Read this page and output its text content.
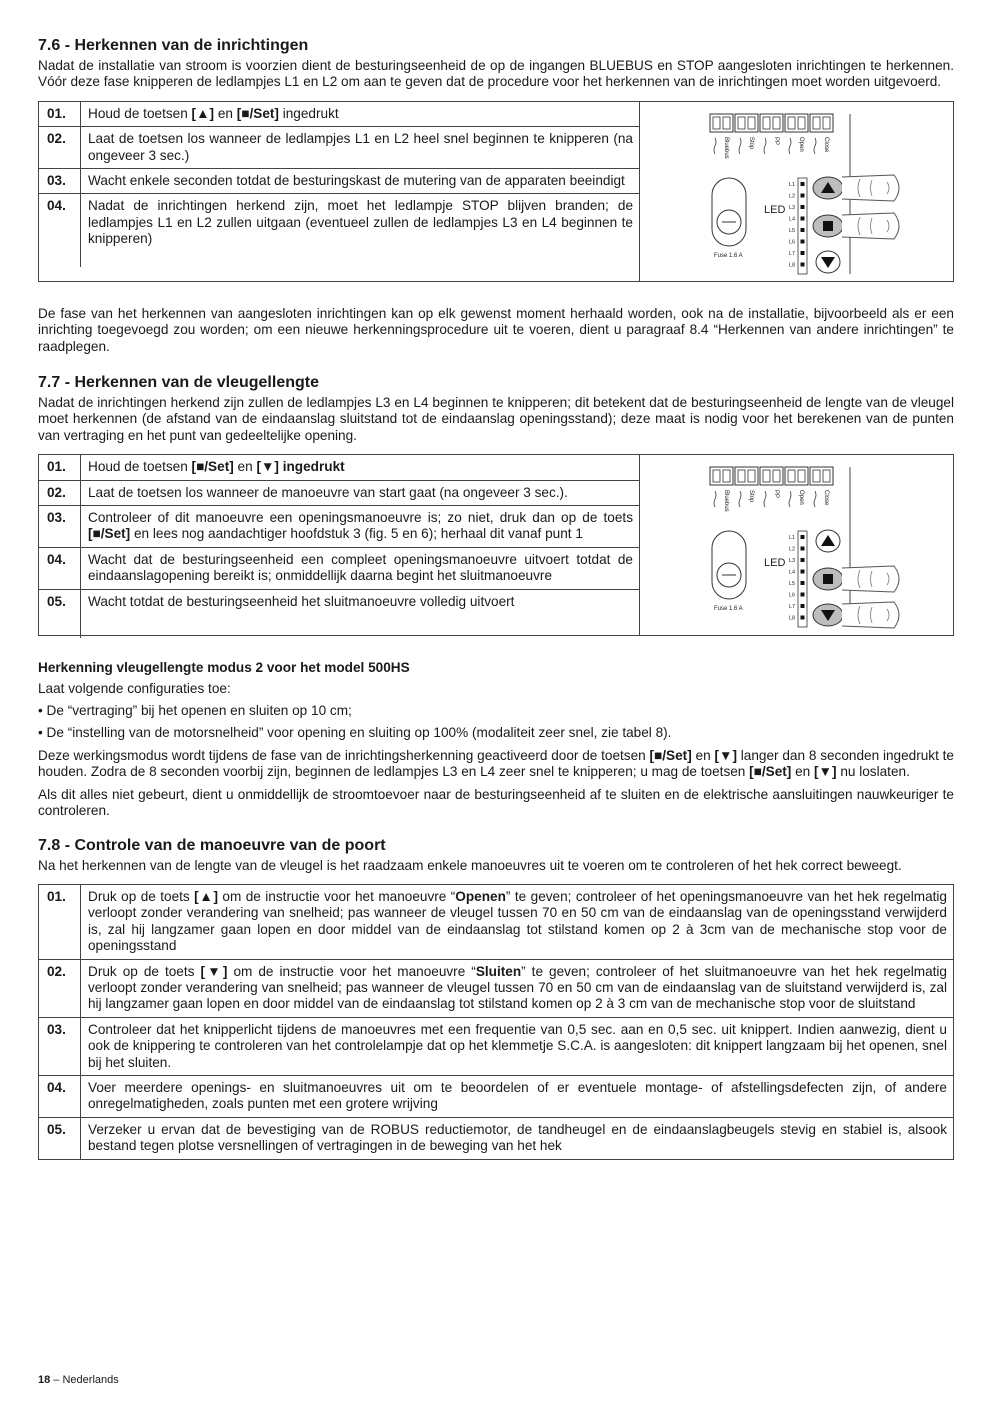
7.6 - Herkennen van de inrichtingen

Nadat de installatie van stroom is voorzien dient de besturingseenheid de op de ingangen BLUEBUS en STOP aangesloten inrichtingen te herkennen. Vóór deze fase knipperen de ledlampjes L1 en L2 om aan te geven dat de procedure voor het herkennen van de inrichtingen moet worden uitgevoerd.

01.	Houd de toetsen [▲] en [■/Set] ingedrukt
02.	Laat de toetsen los wanneer de ledlampjes L1 en L2 heel snel beginnen te knipperen (na ongeveer 3 sec.)
03.	Wacht enkele seconden totdat de besturingskast de mutering van de apparaten beeindigt
04.	Nadat de inrichtingen herkend zijn, moet het ledlampje STOP blijven branden; de ledlampjes L1 en L2 zullen uitgaan (eventueel zullen de ledlampjes L3 en L4 beginnen te knipperen)
Bluebus	Stop	PP	Open	Close
Fuse 1.6 A
LED
L1
L2
L3
L4
L5
L6
L7
L8

De fase van het herkennen van aangesloten inrichtingen kan op elk gewenst moment herhaald worden, ook na de installatie, bijvoorbeeld als er een inrichting toegevoegd zou worden; om een nieuwe herkenningsprocedure uit te voeren, dient u paragraaf 8.4 “Herkennen van andere inrichtingen” te raadplegen.

7.7 - Herkennen van de vleugellengte

Nadat de inrichtingen herkend zijn zullen de ledlampjes L3 en L4 beginnen te knipperen; dit betekent dat de besturingseenheid de lengte van de vleugel moet herkennen (de afstand van de eindaanslag sluitstand tot de eindaanslag openingsstand); deze maat is nodig voor het berekenen van de punten van vertraging en het punt van gedeeltelijke opening.

01.	Houd de toetsen [■/Set] en [▼] ingedrukt
02.	Laat de toetsen los wanneer de manoeuvre van start gaat (na ongeveer 3 sec.).
03.	Controleer of dit manoeuvre een openingsmanoeuvre is; zo niet, druk dan op de toets [■/Set] en lees nog aandachtiger hoofdstuk 3 (fig. 5 en 6); herhaal dit vanaf punt 1
04.	Wacht dat de besturingseenheid een compleet openingsmanoeuvre uitvoert totdat de eindaanslagopening bereikt is; onmiddellijk daarna begint het sluitmanoeuvre
05.	Wacht totdat de besturingseenheid het sluitmanoeuvre volledig uitvoert
Bluebus	Stop	PP	Open	Close
Fuse 1.6 A
LED
L1
L2
L3
L4
L5
L6
L7
L8
Herkenning vleugellengte modus 2 voor het model 500HS

Laat volgende configuraties toe:

• De “vertraging” bij het openen en sluiten op 10 cm;

• De “instelling van de motorsnelheid” voor opening en sluiting op 100% (modaliteit zeer snel, zie tabel 8).

Deze werkingsmodus wordt tijdens de fase van de inrichtingsherkenning geactiveerd door de toetsen [■/Set] en [▼] langer dan 8 seconden ingedrukt te houden. Zodra de 8 seconden voorbij zijn, beginnen de ledlampjes L3 en L4 zeer snel te knipperen; u mag de toetsen [■/Set] en [▼] nu loslaten.

Als dit alles niet gebeurt, dient u onmiddellijk de stroomtoevoer naar de besturingseenheid af te sluiten en de elektrische aansluitingen nauwkeuriger te controleren.

7.8 - Controle van de manoeuvre van de poort

Na het herkennen van de lengte van de vleugel is het raadzaam enkele manoeuvres uit te voeren om te controleren of het hek correct beweegt.

01.	Druk op de toets [▲] om de instructie voor het manoeuvre “Openen” te geven; controleer of het openingsmanoeuvre van het hek regelmatig verloopt zonder verandering van snelheid; pas wanneer de vleugel tussen 70 en 50 cm van de eindaanslag van de openingsstand verwijderd is, zal hij langzamer gaan lopen en door middel van de eindaanslag tot stilstand komen op 2 à 3cm van de mechanische stop voor de openingsstand
02.	Druk op de toets [▼] om de instructie voor het manoeuvre “Sluiten” te geven; controleer of het sluitmanoeuvre van het hek regelmatig verloopt zonder verandering van snelheid; pas wanneer de vleugel tussen 70 en 50 cm van de eindaanslag van de sluitstand verwijderd is, zal hij langzamer gaan lopen en door middel van de eindaanslag tot stilstand komen op 2 à 3 cm van de mechanische stop voor de sluitstand
03.	Controleer dat het knipperlicht tijdens de manoeuvres met een frequentie van 0,5 sec. aan en 0,5 sec. uit knippert. Indien aanwezig, dient u ook de knippering te controleren van het controlelampje dat op het klemmetje S.C.A. is aangesloten: dit knippert langzaam bij het openen, snel bij het sluiten.
04.	Voer meerdere openings- en sluitmanoeuvres uit om te beoordelen of er eventuele montage- of afstellingsdefecten zijn, of andere onregelmatigheden, zoals punten met een grotere wrijving
05.	Verzeker u ervan dat de bevestiging van de ROBUS reductiemotor, de tandheugel en de eindaanslagbeugels stevig en stabiel is, alsook bestand tegen plotse versnellingen of vertragingen in de beweging van het hek
18 – Nederlands
